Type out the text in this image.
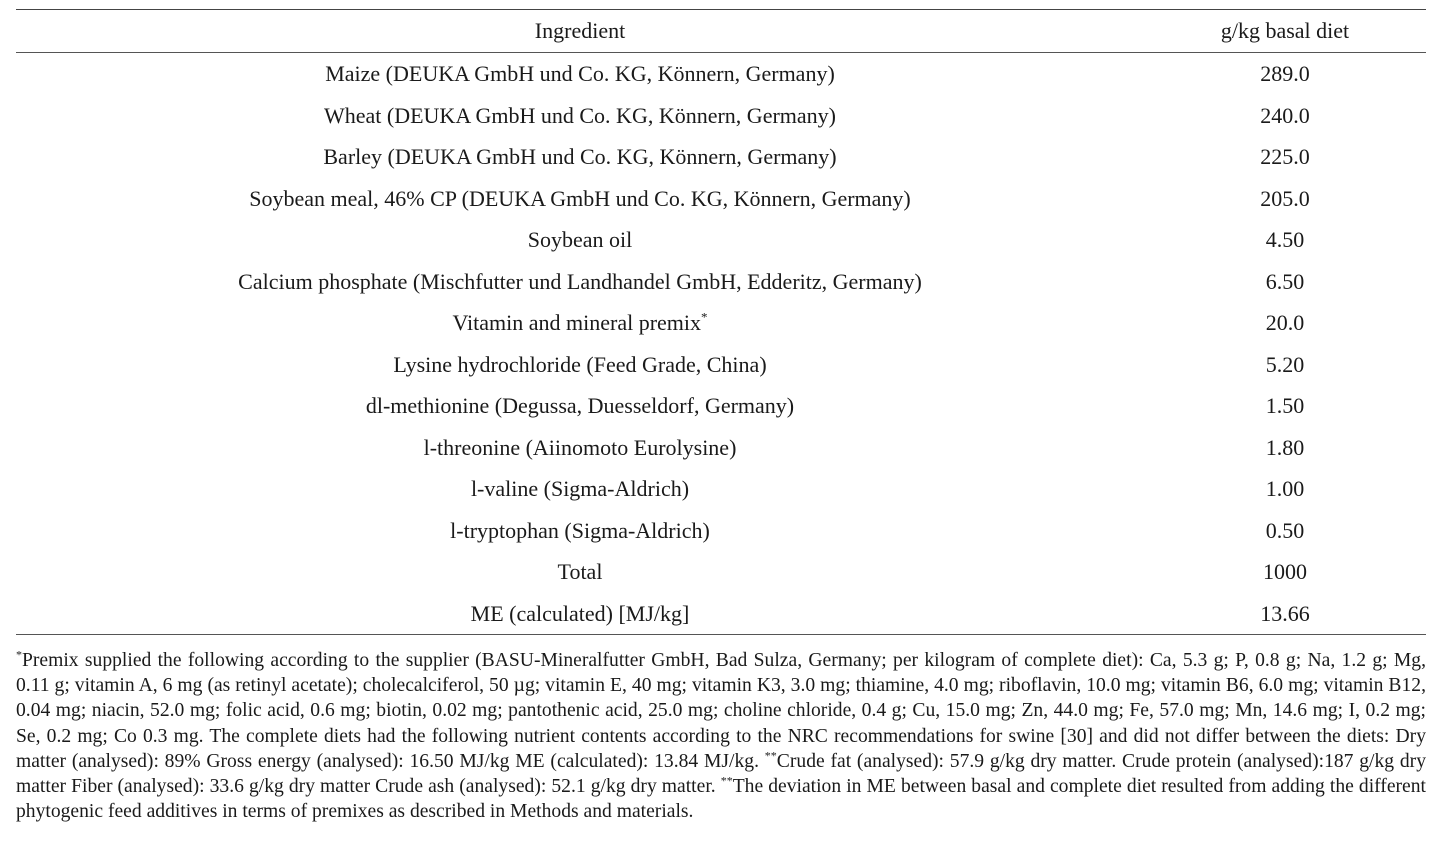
Ingredient	g/kg basal diet
Maize (DEUKA GmbH und Co. KG, Könnern, Germany)	289.0
Wheat (DEUKA GmbH und Co. KG, Könnern, Germany)	240.0
Barley (DEUKA GmbH und Co. KG, Könnern, Germany)	225.0
Soybean meal, 46% CP (DEUKA GmbH und Co. KG, Könnern, Germany)	205.0
Soybean oil	4.50
Calcium phosphate (Mischfutter und Landhandel GmbH, Edderitz, Germany)	6.50
Vitamin and mineral premix*	20.0
Lysine hydrochloride (Feed Grade, China)	5.20
dl-methionine (Degussa, Duesseldorf, Germany)	1.50
l-threonine (Aiinomoto Eurolysine)	1.80
l-valine (Sigma-Aldrich)	1.00
l-tryptophan (Sigma-Aldrich)	0.50
Total	1000
ME (calculated) [MJ/kg]	13.66

*Premix supplied the following according to the supplier (BASU-Mineralfutter GmbH, Bad Sulza, Germany; per kilogram of complete diet): Ca, 5.3 g; P, 0.8 g; Na, 1.2 g; Mg, 0.11 g; vitamin A, 6 mg (as retinyl acetate); cholecalciferol, 50 µg; vitamin E, 40 mg; vitamin K3, 3.0 mg; thiamine, 4.0 mg; riboflavin, 10.0 mg; vitamin B6, 6.0 mg; vitamin B12, 0.04 mg; niacin, 52.0 mg; folic acid, 0.6 mg; biotin, 0.02 mg; pantothenic acid, 25.0 mg; choline chloride, 0.4 g; Cu, 15.0 mg; Zn, 44.0 mg; Fe, 57.0 mg; Mn, 14.6 mg; I, 0.2 mg; Se, 0.2 mg; Co 0.3 mg. The complete diets had the following nutrient contents according to the NRC recommendations for swine [30] and did not differ between the diets: Dry matter (analysed): 89% Gross energy (analysed): 16.50 MJ/kg ME (calculated): 13.84 MJ/kg. **Crude fat (analysed): 57.9 g/kg dry matter. Crude protein (analysed):187 g/kg dry matter Fiber (analysed): 33.6 g/kg dry matter Crude ash (analysed): 52.1 g/kg dry matter. **The deviation in ME between basal and complete diet resulted from adding the different phytogenic feed additives in terms of premixes as described in Methods and materials.
